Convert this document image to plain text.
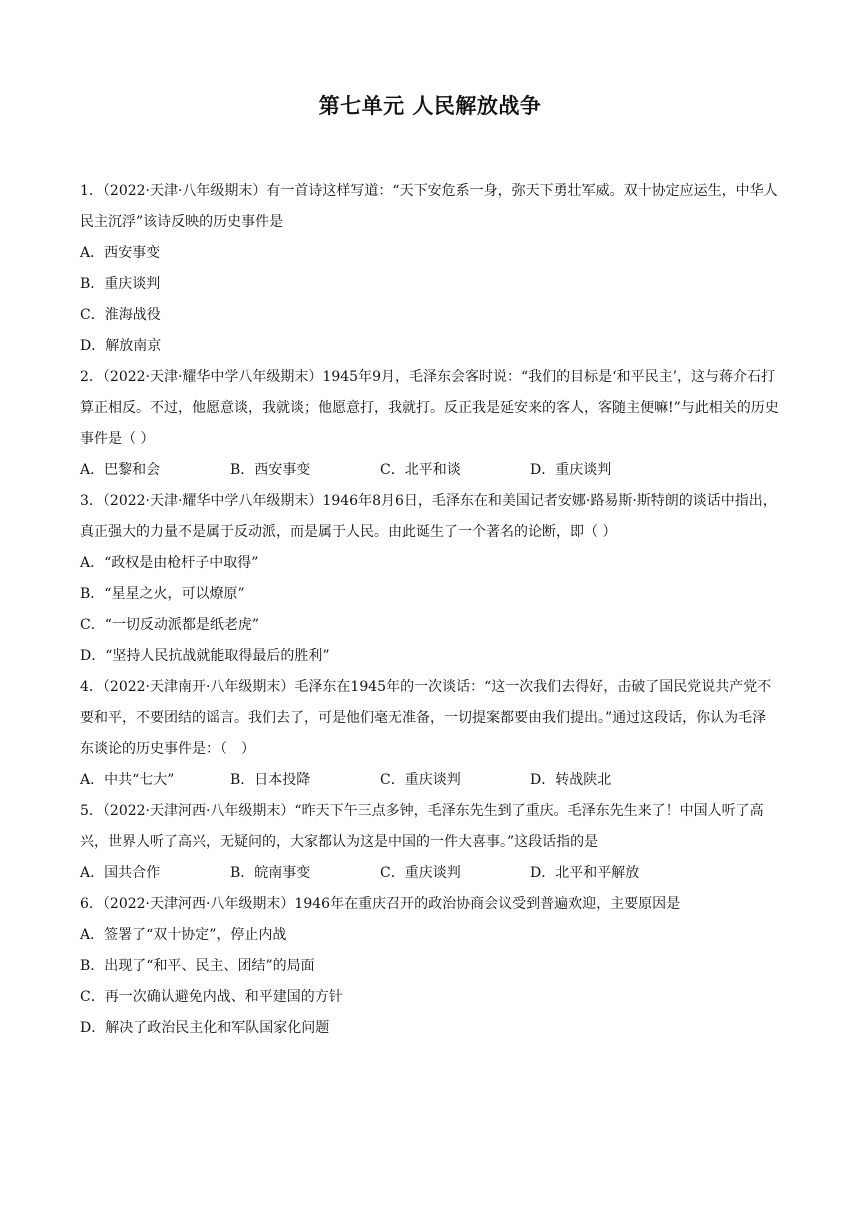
第七单元 人民解放战争

1．（2022·天津·八年级期末）有一首诗这样写道：“天下安危系一身，弥天下勇壮军威。双十协定应运生，中华人民主沉浮”该诗反映的历史事件是

A．西安事变

B．重庆谈判

C．淮海战役

D．解放南京

2．（2022·天津·耀华中学八年级期末）1945年9月，毛泽东会客时说：“我们的目标是‘和平民主’，这与蒋介石打算正相反。不过，他愿意谈，我就谈；他愿意打，我就打。反正我是延安来的客人，客随主便嘛!”与此相关的历史事件是（ ）

A．巴黎和会	B．西安事变	C．北平和谈	D．重庆谈判

3．（2022·天津·耀华中学八年级期末）1946年8月6日，毛泽东在和美国记者安娜·路易斯·斯特朗的谈话中指出，真正强大的力量不是属于反动派，而是属于人民。由此诞生了一个著名的论断，即（ ）

A．“政权是由枪杆子中取得”

B．“星星之火，可以燎原”

C．“一切反动派都是纸老虎”

D．“坚持人民抗战就能取得最后的胜利”

4．（2022·天津南开·八年级期末）毛泽东在1945年的一次谈话：“这一次我们去得好，击破了国民党说共产党不要和平，不要团结的谣言。我们去了，可是他们毫无准备，一切提案都要由我们提出。”通过这段话，你认为毛泽东谈论的历史事件是：（　）

A．中共“七大”	B．日本投降	C．重庆谈判	D．转战陕北

5．（2022·天津河西·八年级期末）“昨天下午三点多钟，毛泽东先生到了重庆。毛泽东先生来了！中国人听了高兴，世界人听了高兴，无疑问的，大家都认为这是中国的一件大喜事。”这段话指的是

A．国共合作	B．皖南事变	C．重庆谈判	D．北平和平解放

6．（2022·天津河西·八年级期末）1946年在重庆召开的政治协商会议受到普遍欢迎，主要原因是

A．签署了“双十协定”，停止内战

B．出现了“和平、民主、团结”的局面

C．再一次确认避免内战、和平建国的方针

D．解决了政治民主化和军队国家化问题
